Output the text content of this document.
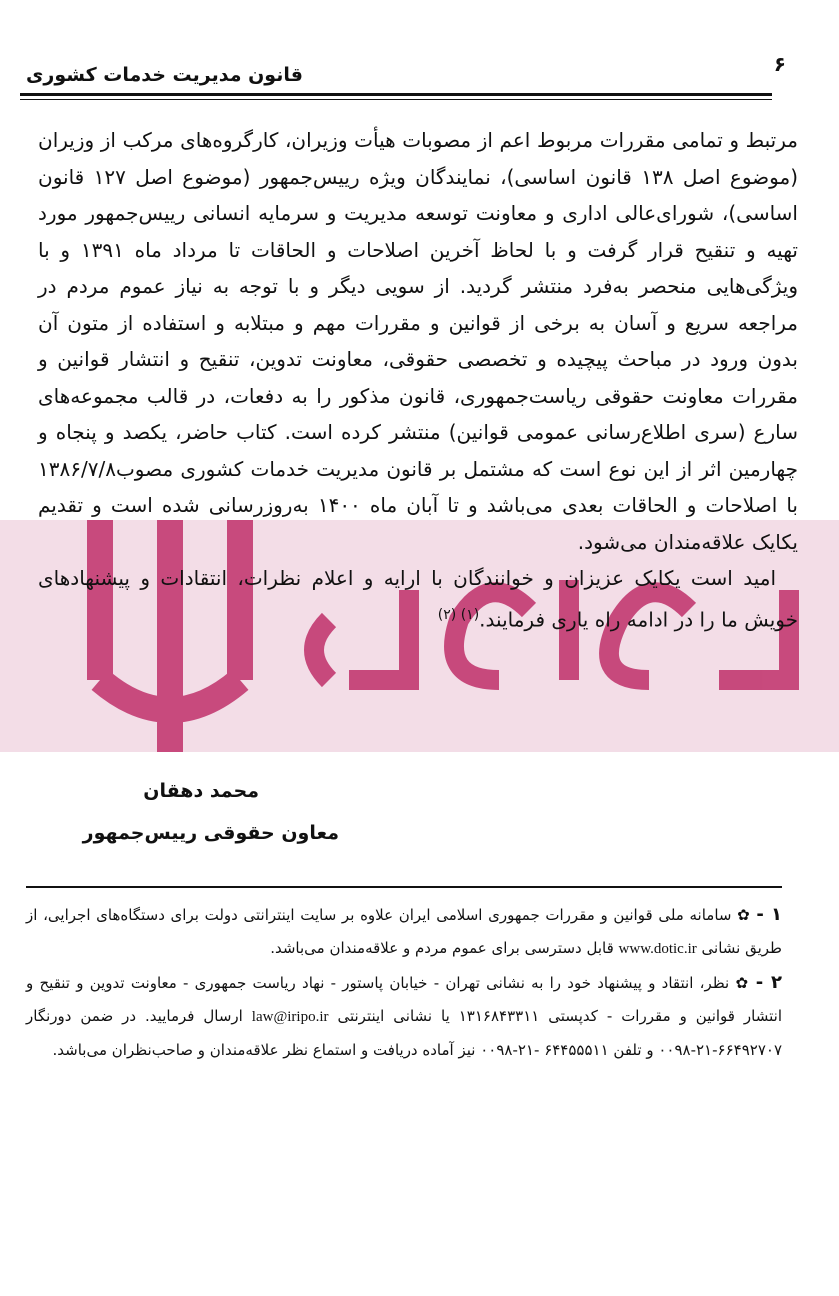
قانون مدیریت خدمات کشوری	۶

مرتبط و تمامی مقررات مربوط اعم از مصوبات هیأت وزیران، کارگروه‌های مرکب از وزیران (موضوع اصل ۱۳۸ قانون اساسی)، نمایندگان ویژه رییس‌جمهور (موضوع اصل ۱۲۷ قانون اساسی)، شورای‌عالی اداری و معاونت توسعه مدیریت و سرمایه انسانی رییس‌جمهور مورد تهیه و تنقیح قرار گرفت و با لحاظ آخرین اصلاحات و الحاقات تا مرداد ماه ۱۳۹۱ و با ویژگی‌هایی منحصر به‌فرد منتشر گردید. از سویی دیگر و با توجه به نیاز عموم مردم در مراجعه سریع و آسان به برخی از قوانین و مقررات مهم و مبتلابه و استفاده از متون آن بدون ورود در مباحث پیچیده و تخصصی حقوقی، معاونت تدوین، تنقیح و انتشار قوانین و مقررات معاونت حقوقی ریاست‌جمهوری، قانون مذکور را به دفعات، در قالب مجموعه‌های سارع (سری اطلاع‌رسانی عمومی قوانین) منتشر کرده است. کتاب حاضر، یکصد و پنجاه و چهارمین اثر از این نوع است که مشتمل بر قانون مدیریت خدمات کشوری مصوب۱۳۸۶/۷/۸ با اصلاحات و الحاقات بعدی می‌باشد و تا آبان ماه ۱۴۰۰ به‌روزرسانی شده است و تقدیم یکایک علاقه‌مندان می‌شود.

امید است یکایک عزیزان و خوانندگان با ارایه و اعلام نظرات، انتقادات و پیشنهادهای خویش ما را در ادامه راه یاری فرمایند.$^{(۱) (۲)}$

محمد دهقان
معاون حقوقی رییس‌جمهور

۱ - ✿ سامانه ملی قوانین و مقررات جمهوری اسلامی ایران علاوه بر سایت اینترانتی دولت برای دستگاه‌های اجرایی، از طریق نشانی www.dotic.ir قابل دسترسی برای عموم مردم و علاقه‌مندان می‌باشد.

۲ - ✿ نظر، انتقاد و پیشنهاد خود را به نشانی تهران - خیابان پاستور - نهاد ریاست جمهوری - معاونت تدوین و تنقیح و انتشار قوانین و مقررات - کدپستی ۱۳۱۶۸۴۳۳۱۱ یا نشانی اینترنتی law@iripo.ir ارسال فرمایید. در ضمن دورنگار ۶۶۴۹۲۷۰۷-۲۱-۰۰۹۸ و تلفن ۶۴۴۵۵۵۱۱ -۲۱-۰۰۹۸ نیز آماده دریافت و استماع نظر علاقه‌مندان و صاحب‌نظران می‌باشد.
